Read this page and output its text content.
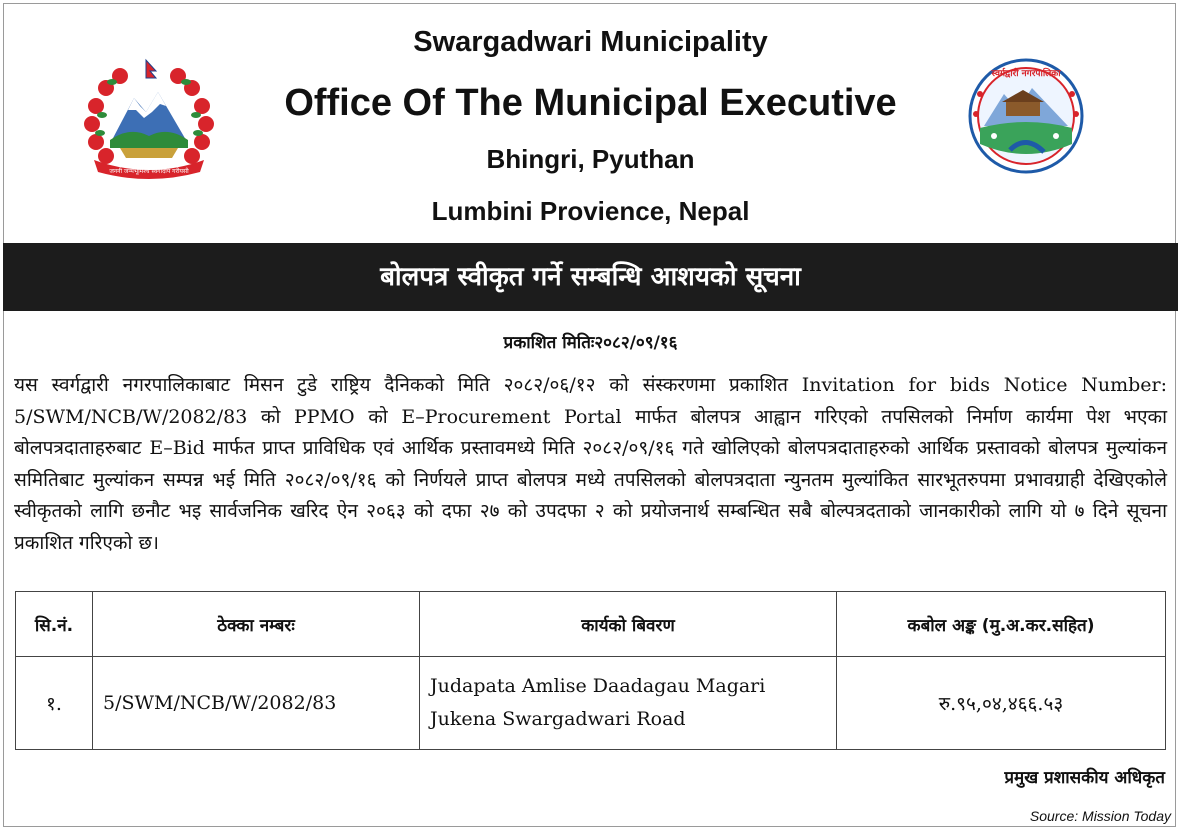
जननी जन्मभूमिश्च स्वर्गादपि गरीयसी
Swargadwari Municipality
Office Of The Municipal Executive
Bhingri, Pyuthan
Lumbini Provience, Nepal
स्वर्गद्वारी नगरपालिका
बोलपत्र स्वीकृत गर्ने सम्बन्धि आशयको सूचना
प्रकाशित मितिः२०८२/०९/१६
यस स्वर्गद्वारी नगरपालिकाबाट मिसन टुडे राष्ट्रिय दैनिकको मिति २०८२/०६/१२ को संस्करणमा प्रकाशित Invitation for bids Notice Number: 5/SWM/NCB/W/2082/83 को PPMO को E–Procurement Portal मार्फत बोलपत्र आह्वान गरिएको तपसिलको निर्माण कार्यमा पेश भएका बोलपत्रदाताहरुबाट E–Bid मार्फत प्राप्त प्राविधिक एवं आर्थिक प्रस्तावमध्ये मिति २०८२/०९/१६ गते खोलिएको बोलपत्रदाताहरुको आर्थिक प्रस्तावको बोलपत्र मुल्यांकन समितिबाट मुल्यांकन सम्पन्न भई मिति २०८२/०९/१६ को निर्णयले प्राप्त बोलपत्र मध्ये तपसिलको बोलपत्रदाता न्युनतम मुल्यांकित सारभूतरुपमा प्रभावग्राही देखिएकोले स्वीकृतको लागि छनौट भइ सार्वजनिक खरिद ऐन २०६३ को दफा २७ को उपदफा २ को प्रयोजनार्थ सम्बन्धित सबै बोल्पत्रदताको जानकारीको लागि यो ७ दिने सूचना प्रकाशित गरिएको छ।
सि.नं.	ठेक्का नम्बरः	कार्यको बिवरण	कबोल अङ्क (मु.अ.कर.सहित)
१.	5/SWM/NCB/W/2082/83	Judapata Amlise Daadagau Magari
Jukena Swargadwari Road	रु.९५,०४,४६६.५३
प्रमुख प्रशासकीय अधिकृत
Source: Mission Today
